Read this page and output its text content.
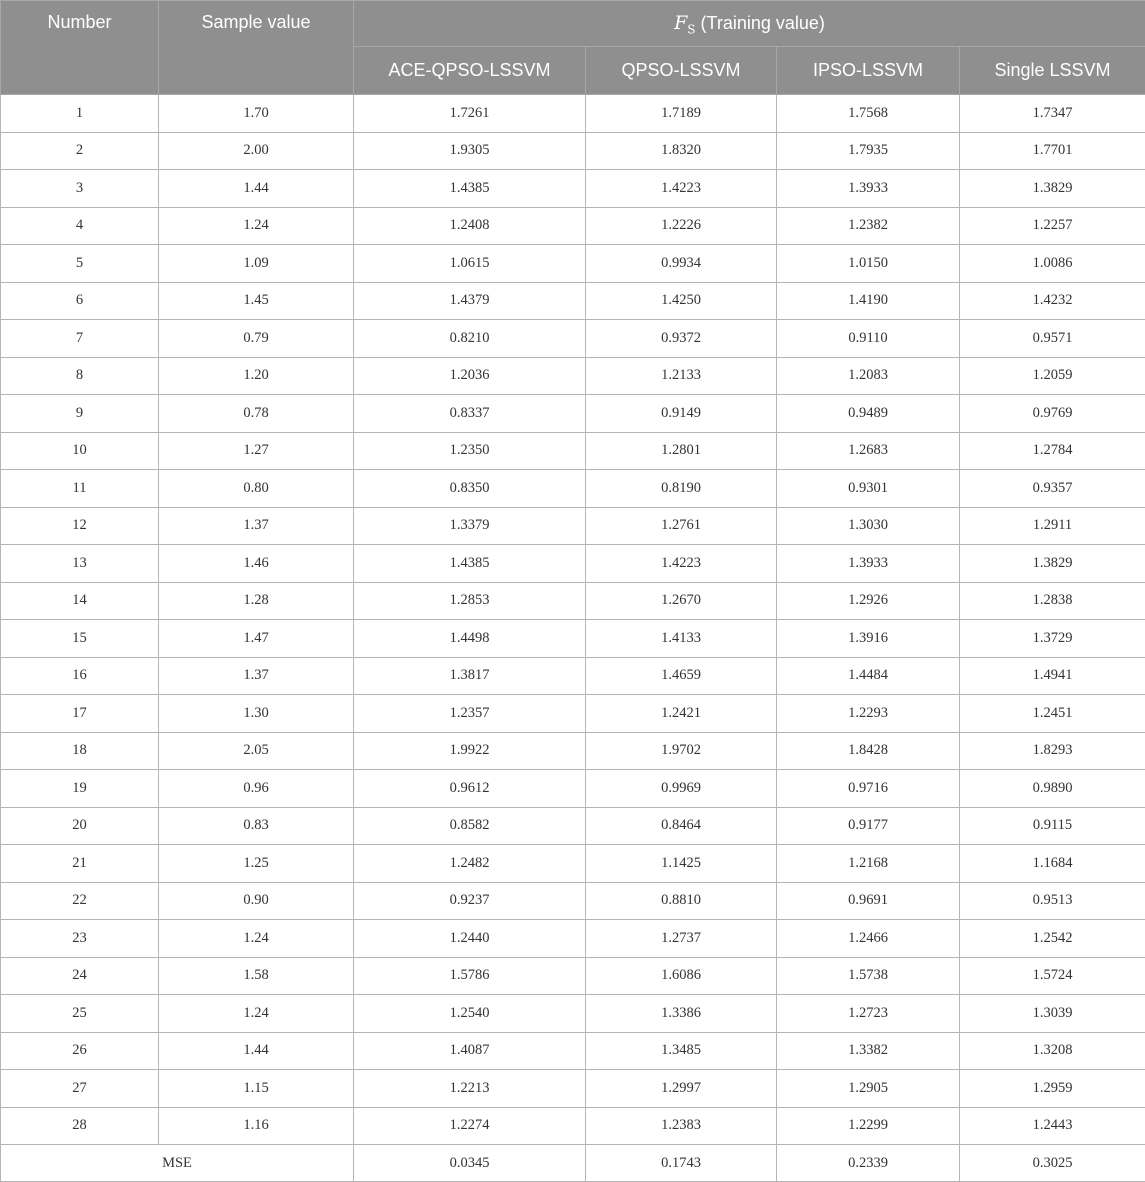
Number	Sample value	$F_S$ (Training value)			
		ACE-QPSO-LSSVM	QPSO-LSSVM	IPSO-LSSVM	Single LSSVM
1	1.70	1.7261	1.7189	1.7568	1.7347
2	2.00	1.9305	1.8320	1.7935	1.7701
3	1.44	1.4385	1.4223	1.3933	1.3829
4	1.24	1.2408	1.2226	1.2382	1.2257
5	1.09	1.0615	0.9934	1.0150	1.0086
6	1.45	1.4379	1.4250	1.4190	1.4232
7	0.79	0.8210	0.9372	0.9110	0.9571
8	1.20	1.2036	1.2133	1.2083	1.2059
9	0.78	0.8337	0.9149	0.9489	0.9769
10	1.27	1.2350	1.2801	1.2683	1.2784
11	0.80	0.8350	0.8190	0.9301	0.9357
12	1.37	1.3379	1.2761	1.3030	1.2911
13	1.46	1.4385	1.4223	1.3933	1.3829
14	1.28	1.2853	1.2670	1.2926	1.2838
15	1.47	1.4498	1.4133	1.3916	1.3729
16	1.37	1.3817	1.4659	1.4484	1.4941
17	1.30	1.2357	1.2421	1.2293	1.2451
18	2.05	1.9922	1.9702	1.8428	1.8293
19	0.96	0.9612	0.9969	0.9716	0.9890
20	0.83	0.8582	0.8464	0.9177	0.9115
21	1.25	1.2482	1.1425	1.2168	1.1684
22	0.90	0.9237	0.8810	0.9691	0.9513
23	1.24	1.2440	1.2737	1.2466	1.2542
24	1.58	1.5786	1.6086	1.5738	1.5724
25	1.24	1.2540	1.3386	1.2723	1.3039
26	1.44	1.4087	1.3485	1.3382	1.3208
27	1.15	1.2213	1.2997	1.2905	1.2959
28	1.16	1.2274	1.2383	1.2299	1.2443
MSE		0.0345	0.1743	0.2339	0.3025
